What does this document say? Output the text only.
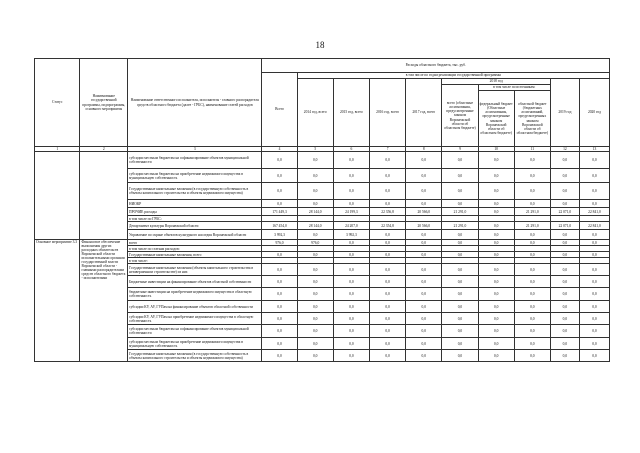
18
Статус	Наименование государственной программы, подпрограммы, основного мероприятия	Наименование ответственного исполнителя, исполнителя - главного распорядителя средств областного бюджета (далее - ГРБС), наименование статей расходов	Расходы областного бюджета, тыс. руб.									
			Всего	в том числе по годам реализации государственной программы								
				2014 год, всего	2015 год, всего	2016 год, всего	2017 год, всего	2018 год			2019 год	2020 год
								всего (областные ассигнования, предусмотренные законом Воронежской области об областном бюджете)	в том числе по источникам:			
									федеральный бюджет (Областные ассигнования, предусмотренные законом Воронежской области об областном бюджете)	областной бюджет (бюджетных ассигнований, предусмотренных законом Воронежской области об областном бюджете)		
1	2	3	4	5	6	7	8	9	10	11	12	13
		субсидии местным бюджетам на софинансирование объектов муниципальной собственности	0,0	0,0	0,0	0,0	0,0	0,0	0,0	0,0	0,0	0,0
		субсидии местным бюджетам на приобретение недвижимого имущества в муниципальную собственность	0,0	0,0	0,0	0,0	0,0	0,0	0,0	0,0	0,0	0,0
		Государственные капитальные вложения (в государственную собственность в объекты капитального строительства и объекты недвижимого имущества)	0,0	0,0	0,0	0,0	0,0	0,0	0,0	0,0	0,0	0,0
		НИОКР	0,0	0,0	0,0	0,0	0,0	0,0	0,0	0,0	0,0	0,0
		ПРОЧИЕ расходы	171 449,3	28 144,0	24 199,3	22 356,8	20 566,0	21 291,0	0,0	21 291,0	22 071,0	22 841,0
		в том числе по ГРБС:										
		Департамент культуры Воронежской области	167 454,0	28 144,0	24 207,0	22 354,8	20 566,0	21 291,0	0,0	21 291,0	22 071,0	22 841,0
		Управление по охране объектов культурного наследия Воронежской области	3 992,3	0,0	3 992,3	0,0	0,0	0,0	0,0	0,0	0,0	0,0
Основное мероприятие 3.3	Финансовое обеспечение выполнения других расходных обязательств Воронежской области исполнительными органами государственной власти Воронежской области - главными распорядителями средств областного бюджета - исполнителями	всего	976,0	976,0	0,0	0,0	0,0	0,0	0,0	0,0	0,0	0,0
		в том числе по статьям расходов:										
		Государственные капитальные вложения, всего	0,0	0,0	0,0	0,0	0,0	0,0	0,0	0,0	0,0	0,0
		в том числе:										
		Государственные капитальные вложения (объекты капитального строительства в незавершенном строительстве) из них	0,0	0,0	0,0	0,0	0,0	0,0	0,0	0,0	0,0	0,0
		Бюджетные инвестиции на финансирование объектов областной собственности	0,0	0,0	0,0	0,0	0,0	0,0	0,0	0,0	0,0	0,0
		бюджетные инвестиции на приобретение недвижимого имущества в областную собственность	0,0	0,0	0,0	0,0	0,0	0,0	0,0	0,0	0,0	0,0
		субсидии КУ, АУ, ГУПам на финансирование объектов областной собственности	0,0	0,0	0,0	0,0	0,0	0,0	0,0	0,0	0,0	0,0
		субсидии КУ, АУ, ГУПам на приобретение недвижимого имущества в областную собственность	0,0	0,0	0,0	0,0	0,0	0,0	0,0	0,0	0,0	0,0
		субсидии местным бюджетам на софинансирование объектов муниципальной собственности	0,0	0,0	0,0	0,0	0,0	0,0	0,0	0,0	0,0	0,0
		субсидии местным бюджетам на приобретение недвижимого имущества в муниципальную собственность	0,0	0,0	0,0	0,0	0,0	0,0	0,0	0,0	0,0	0,0
		Государственные капитальные вложения (в государственную собственность в объекты капитального строительства и объекты недвижимого имущества)	0,0	0,0	0,0	0,0	0,0	0,0	0,0	0,0	0,0	0,0
